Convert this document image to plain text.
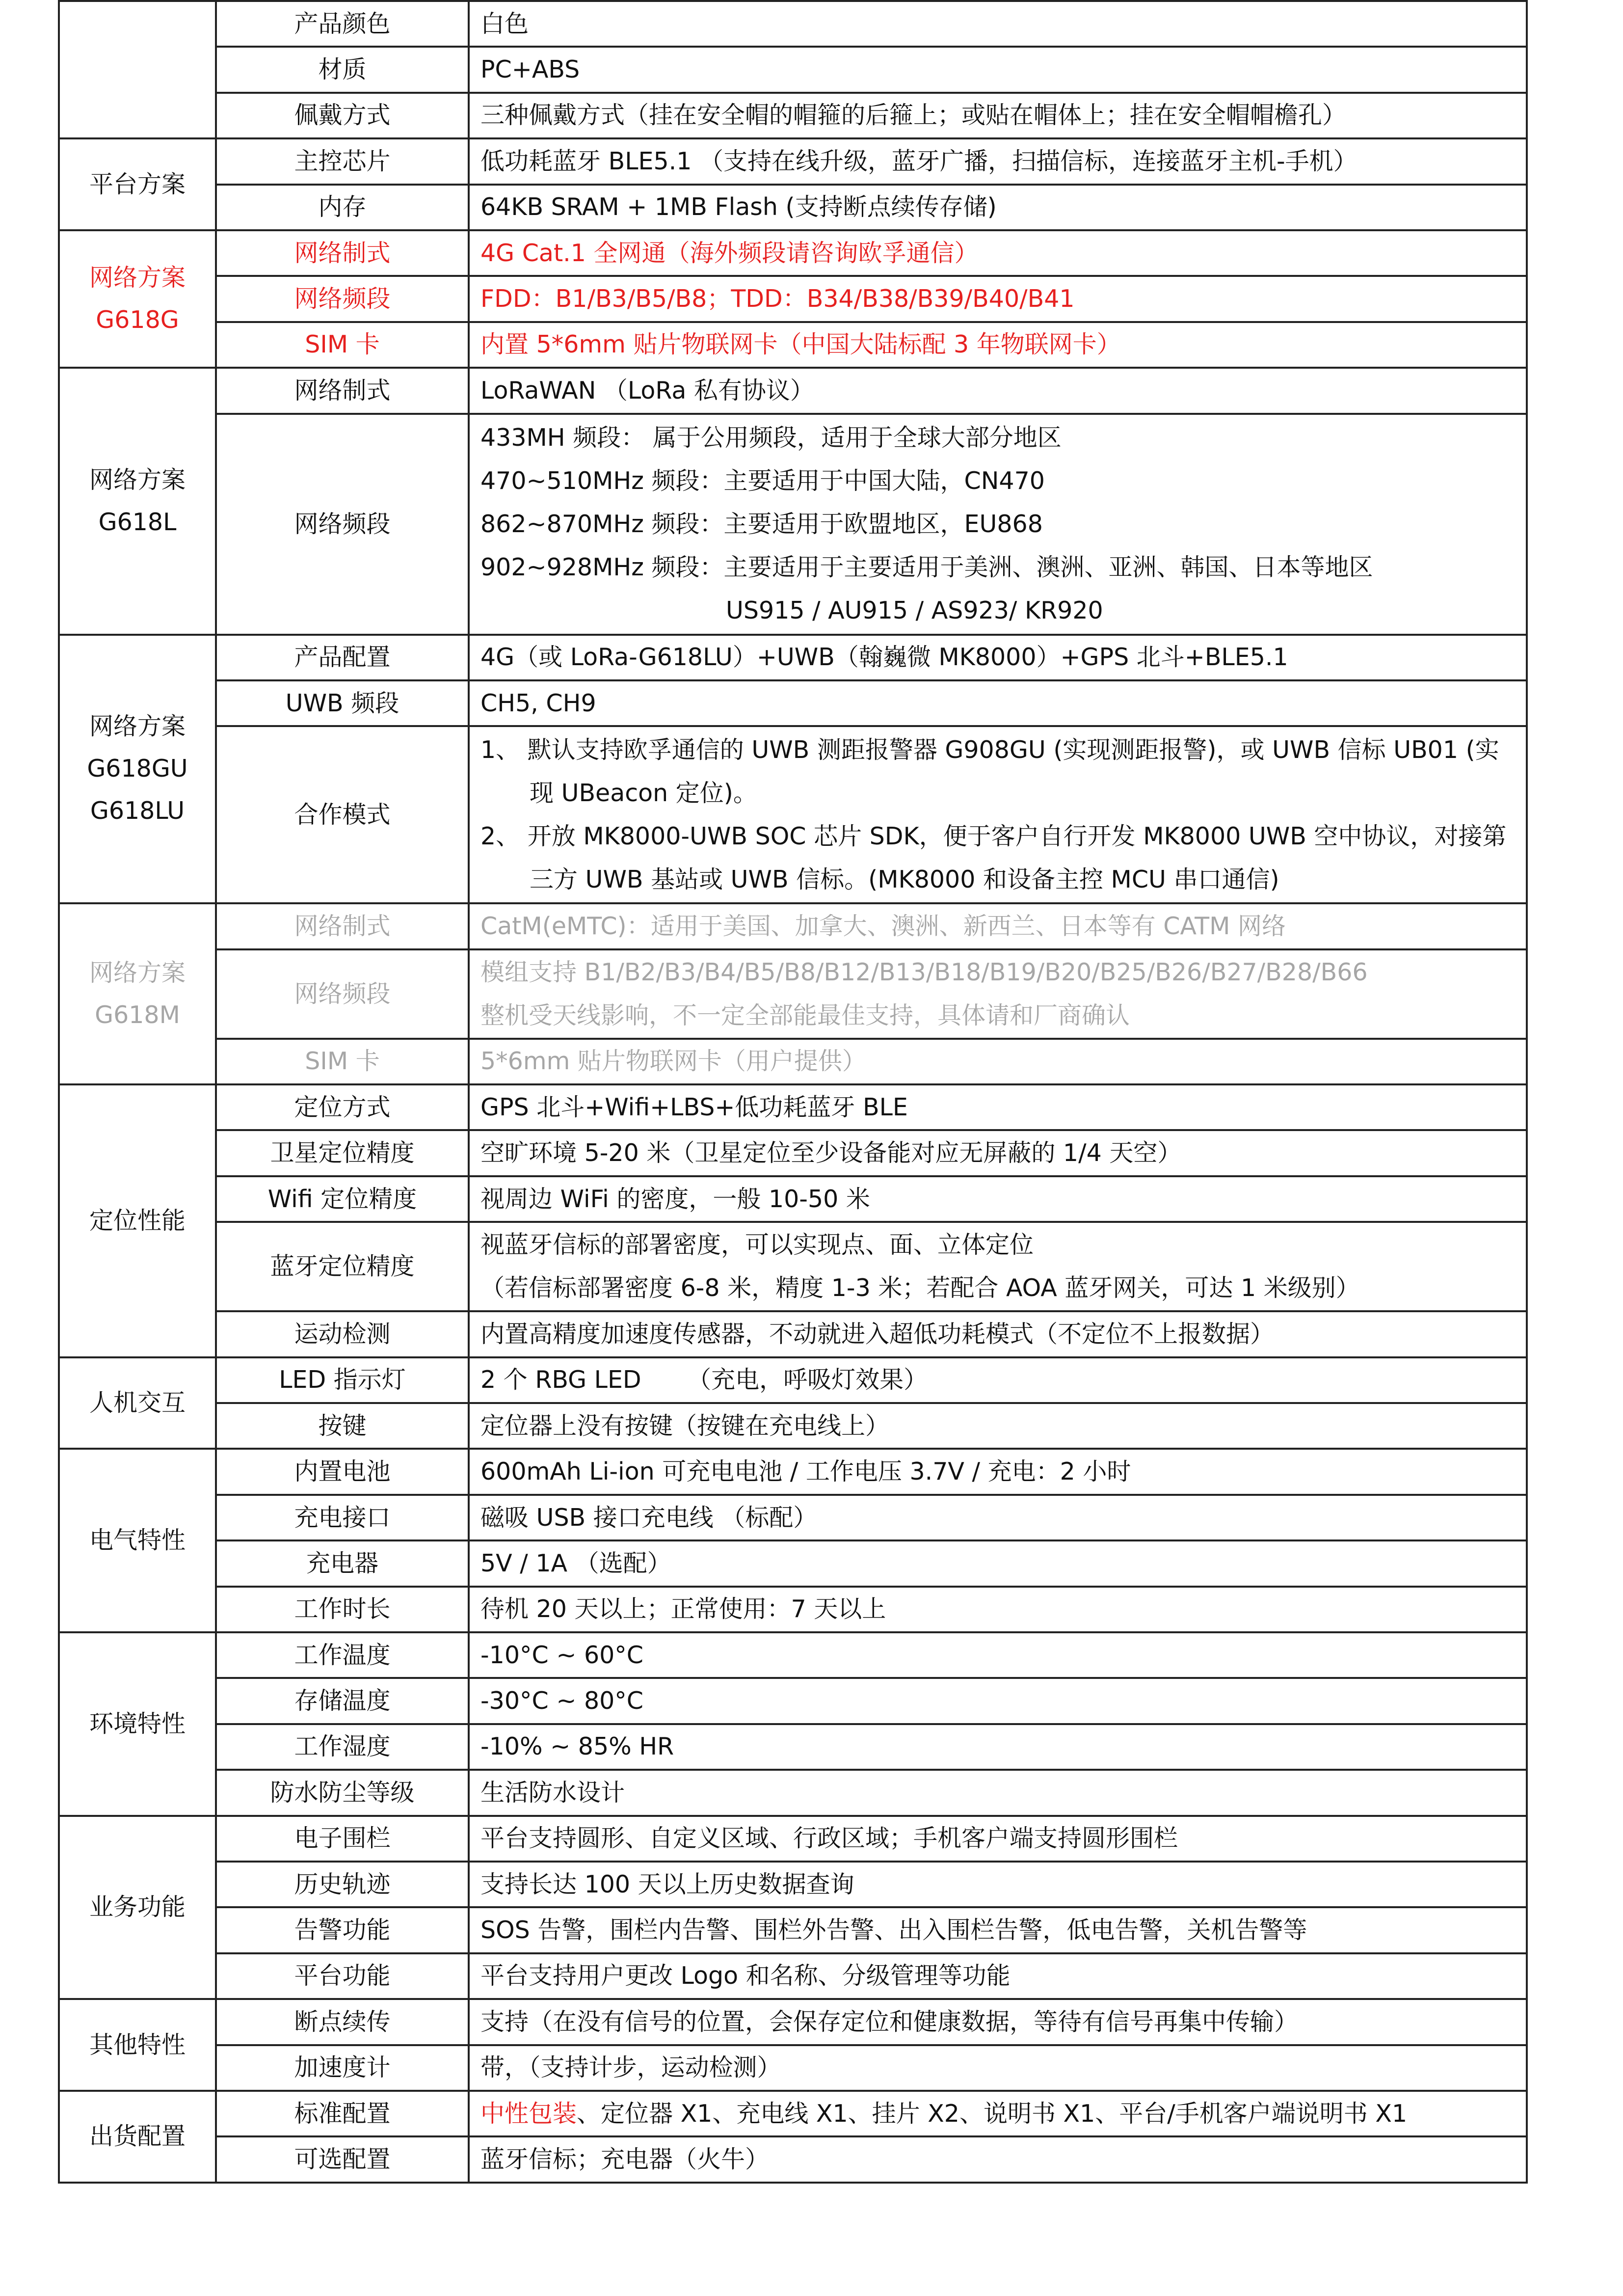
	产品颜色	白色
	材质	PC+ABS
	佩戴方式	三种佩戴方式（挂在安全帽的帽箍的后箍上；或贴在帽体上；挂在安全帽帽檐孔）
平台方案	主控芯片	低功耗蓝牙 BLE5.1 （支持在线升级，蓝牙广播，扫描信标，连接蓝牙主机-手机）
	内存	64KB SRAM + 1MB Flash (支持断点续传存储)

网络方案
G618G	网络制式	4G Cat.1 全网通（海外频段请咨询欧孚通信）
	网络频段	FDD：B1/B3/B5/B8；TDD：B34/B38/B39/B40/B41
	SIM 卡	内置 5*6mm 贴片物联网卡（中国大陆标配 3 年物联网卡）

网络方案
G618L	网络制式	LoRaWAN （LoRa 私有协议）
	网络频段	433MH 频段： 属于公用频段，适用于全球大部分地区
470~510MHz 频段：主要适用于中国大陆，CN470
862~870MHz 频段：主要适用于欧盟地区，EU868
902~928MHz 频段：主要适用于主要适用于美洲、澳洲、亚洲、韩国、日本等地区
US915 / AU915 / AS923/ KR920

网络方案
G618GU
G618LU	产品配置	4G（或 LoRa-G618LU）+UWB（翰巍微 MK8000）+GPS 北斗+BLE5.1
	UWB 频段	CH5, CH9
	合作模式	1、 默认支持欧孚通信的 UWB 测距报警器 G908GU (实现测距报警)，或 UWB 信标 UB01 (实现 UBeacon 定位)。
2、 开放 MK8000-UWB SOC 芯片 SDK，便于客户自行开发 MK8000 UWB 空中协议，对接第三方 UWB 基站或 UWB 信标。(MK8000 和设备主控 MCU 串口通信)

网络方案
G618M	网络制式	CatM(eMTC)：适用于美国、加拿大、澳洲、新西兰、日本等有 CATM 网络
	网络频段	模组支持 B1/B2/B3/B4/B5/B8/B12/B13/B18/B19/B20/B25/B26/B27/B28/B66
整机受天线影响，不一定全部能最佳支持，具体请和厂商确认

	SIM 卡	5*6mm 贴片物联网卡（用户提供）
定位性能	定位方式	GPS 北斗+Wifi+LBS+低功耗蓝牙 BLE
	卫星定位精度	空旷环境 5-20 米（卫星定位至少设备能对应无屏蔽的 1/4 天空）
	Wifi 定位精度	视周边 WiFi 的密度，一般 10-50 米
	蓝牙定位精度	视蓝牙信标的部署密度，可以实现点、面、立体定位
（若信标部署密度 6-8 米，精度 1-3 米；若配合 AOA 蓝牙网关，可达 1 米级别）

	运动检测	内置高精度加速度传感器，不动就进入超低功耗模式（不定位不上报数据）
人机交互	LED 指示灯	2 个 RBG LED      （充电，呼吸灯效果）
	按键	定位器上没有按键（按键在充电线上）
电气特性	内置电池	600mAh Li-ion 可充电电池 / 工作电压 3.7V / 充电：2 小时
	充电接口	磁吸 USB 接口充电线 （标配）
	充电器	5V / 1A （选配）
	工作时长	待机 20 天以上；正常使用：7 天以上
环境特性	工作温度	-10°C ~ 60°C
	存储温度	-30°C ~ 80°C
	工作湿度	-10% ~ 85% HR
	防水防尘等级	生活防水设计
业务功能	电子围栏	平台支持圆形、自定义区域、行政区域；手机客户端支持圆形围栏
	历史轨迹	支持长达 100 天以上历史数据查询
	告警功能	SOS 告警，围栏内告警、围栏外告警、出入围栏告警，低电告警，关机告警等
	平台功能	平台支持用户更改 Logo 和名称、分级管理等功能
其他特性	断点续传	支持（在没有信号的位置，会保存定位和健康数据，等待有信号再集中传输）
	加速度计	带，（支持计步，运动检测）
出货配置	标准配置	中性包装、定位器 X1、充电线 X1、挂片 X2、说明书 X1、平台/手机客户端说明书 X1
	可选配置	蓝牙信标；充电器（火牛）
